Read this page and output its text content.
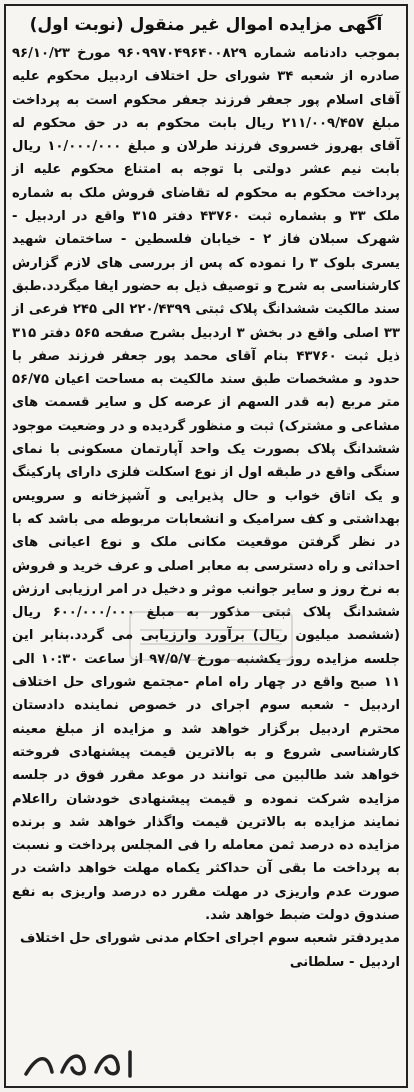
آگهی مزایده اموال غیر منقول (نوبت اول)

بموجب دادنامه شماره ۹۶۰۹۹۷۰۴۹۶۴۰۰۸۲۹ مورخ ۹۶/۱۰/۲۳ صادره از شعبه ۳۴ شورای حل اختلاف اردبیل محکوم علیه آقای اسلام پور جعفر فرزند جعفر محکوم است به پرداخت مبلغ ۲۱۱/۰۰۹/۴۵۷ ریال بابت محکوم به در حق محکوم له آقای بهروز خسروی فرزند طرلان و مبلغ ۱۰/۰۰۰/۰۰۰ ریال بابت نیم عشر دولتی با توجه به امتناع محکوم علیه از پرداخت محکوم به محکوم له تقاضای فروش ملک به شماره ملک ۳۳ و بشماره ثبت ۴۳۷۶۰ دفتر ۳۱۵ واقع در اردبیل - شهرک سبلان فاز ۲ - خیابان فلسطین - ساختمان شهید یسری بلوک ۳ را نموده که پس از بررسی های لازم گزارش کارشناسی به شرح و توصیف ذیل به حضور ایفا میگردد.طبق سند مالکیت ششدانگ پلاک ثبتی ۲۲۰/۴۳۹۹ الی ۲۴۵ فرعی از ۳۳ اصلی واقع در بخش ۳ اردبیل بشرح صفحه ۵۶۵ دفتر ۳۱۵ ذیل ثبت ۴۳۷۶۰ بنام آقای محمد پور جعفر فرزند صفر با حدود و مشخصات طبق سند مالکیت به مساحت اعیان ۵۶/۷۵ متر مربع (به قدر السهم از عرصه کل و سایر قسمت های مشاعی و مشترک) ثبت و منظور گردیده و در وضعیت موجود ششدانگ پلاک بصورت یک واحد آپارتمان مسکونی با نمای سنگی واقع در طبقه اول از نوع اسکلت فلزی دارای پارکینگ و یک اتاق خواب و حال پذیرایی و آشپزخانه و سرویس بهداشتی و کف سرامیک و انشعابات مربوطه می باشد که با در نظر گرفتن موقعیت مکانی ملک و نوع اعیانی های احداثی و راه دسترسی به معابر اصلی و عرف خرید و فروش به نرخ روز و سایر جوانب موثر و دخیل در امر ارزیابی ارزش ششدانگ پلاک ثبتی مذکور به مبلغ ۶۰۰/۰۰۰/۰۰۰ ریال (ششصد میلیون ریال) برآورد وارزیابی می گردد.بنابر این جلسه مزایده روز یکشنبه مورخ ۹۷/۵/۷ از ساعت ۱۰:۳۰ الی ۱۱ صبح واقع در چهار راه امام -مجتمع شورای حل اختلاف اردبیل - شعبه سوم اجرای در خصوص نماینده دادستان محترم اردبیل برگزار خواهد شد و مزایده از مبلغ معینه کارشناسی شروع و به بالاترین قیمت پیشنهادی فروخته خواهد شد طالبین می توانند در موعد مقرر فوق در جلسه مزایده شرکت نموده و قیمت پیشنهادی خودشان رااعلام نمایند مزایده به بالاترین قیمت واگذار خواهد شد و برنده مزایده ده درصد ثمن معامله را فی المجلس پرداخت و نسبت به پرداخت ما بقی آن حداکثر یکماه مهلت خواهد داشت در صورت عدم واریزی در مهلت مقرر ده درصد واریزی به نفع صندوق دولت ضبط خواهد شد.

مدیردفتر شعبه سوم اجرای احکام مدنی شورای حل اختلاف اردبیل - سلطانی
